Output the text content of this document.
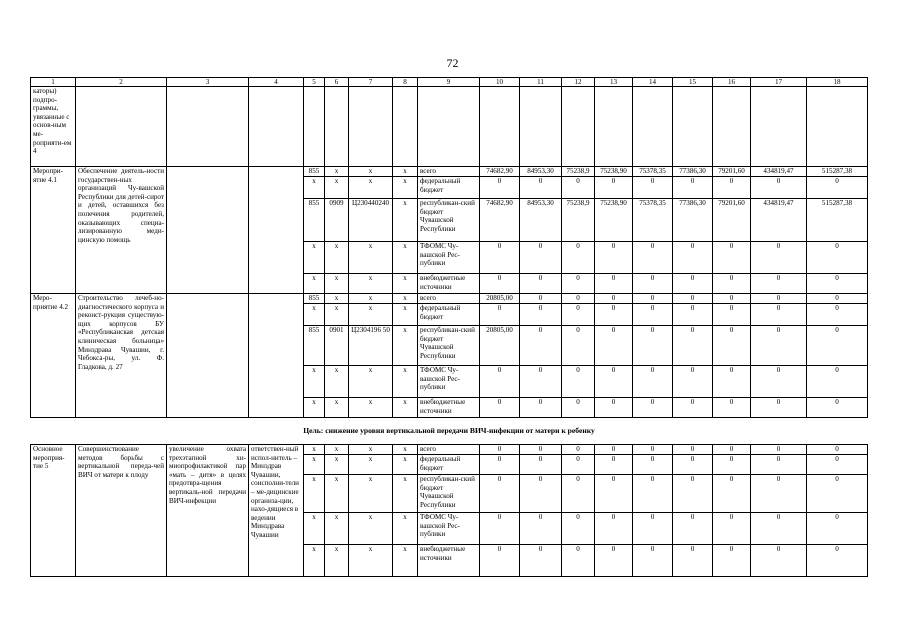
72
1	2	3	4	5	6	7	8	9	10	11	12	13	14	15	16	17	18
каторы) подпро-граммы, увязанные с основ-ным ме-роприяти-ем 4																	
Меропри-ятие 4.1	Обеспечение деятель-ности государствен-ных организаций Чу-вашской Республики для детей-сирот и детей, оставшихся без попечения родителей, оказывающих специа-лизированную меди-цинскую помощь			855	х	х	х	всего	74682,90	84953,30	75238,9	75238,90	75378,35	77386,30	79201,60	434819,47	515287,38
				х	х	х	х	федеральный бюджет	0	0	0	0	0	0	0	0	0
				855	0909	Ц230440240	х	республикан-ский бюджет Чувашской Республики	74682,90	84953,30	75238,9	75238,90	75378,35	77386,30	79201,60	434819,47	515287,38
				х	х	х	х	ТФОМС Чу-вашской Рес-публики	0	0	0	0	0	0	0	0	0
				х	х	х	х	внебюджетные источники	0	0	0	0	0	0	0	0	0
Меро-приятие 4.2	Строительство лечеб-но-диагностического корпуса и реконст-рукция существую-щих корпусов БУ «Республиканская детская клиническая больница» Минздрава Чувашии, г. Чебокса-ры, ул. Ф. Гладкова, д. 27			855	х	х	х	всего	20805,00	0	0	0	0	0	0	0	0
				х	х	х	х	федеральный бюджет	0	0	0	0	0	0	0	0	0
				855	0901	Ц2304196 50	х	республикан-ский бюджет Чувашской Республики	20805,00	0	0	0	0	0	0	0	0
				х	х	х	х	ТФОМС Чу-вашской Рес-публики	0	0	0	0	0	0	0	0	0
				х	х	х	х	внебюджетные источники	0	0	0	0	0	0	0	0	0
Цель: снижение уровня вертикальной передачи ВИЧ-инфекции от матери к ребенку																	
Основное мероприя-тие 5	Совершенствование методов борьбы с вертикальной переда-чей ВИЧ от матери к плоду	увеличение охвата трехэтапной хи-миопрофилактикой пар «мать – дитя» в целях предотвра-щения вертикаль-ной передачи ВИЧ-инфекции	ответствен-ный испол-нитель – Минздрав Чувашии, соисполни-тели – ме-дицинские организа-ции, нахо-дящиеся в ведении Минздрава Чувашии	х	х	х	х	всего	0	0	0	0	0	0	0	0	0
				х	х	х	х	федеральный бюджет	0	0	0	0	0	0	0	0	0
				х	х	х	х	республикан-ский бюджет Чувашской Республики	0	0	0	0	0	0	0	0	0
				х	х	х	х	ТФОМС Чу-вашской Рес-публики	0	0	0	0	0	0	0	0	0
				х	х	х	х	внебюджетные источники	0	0	0	0	0	0	0	0	0
